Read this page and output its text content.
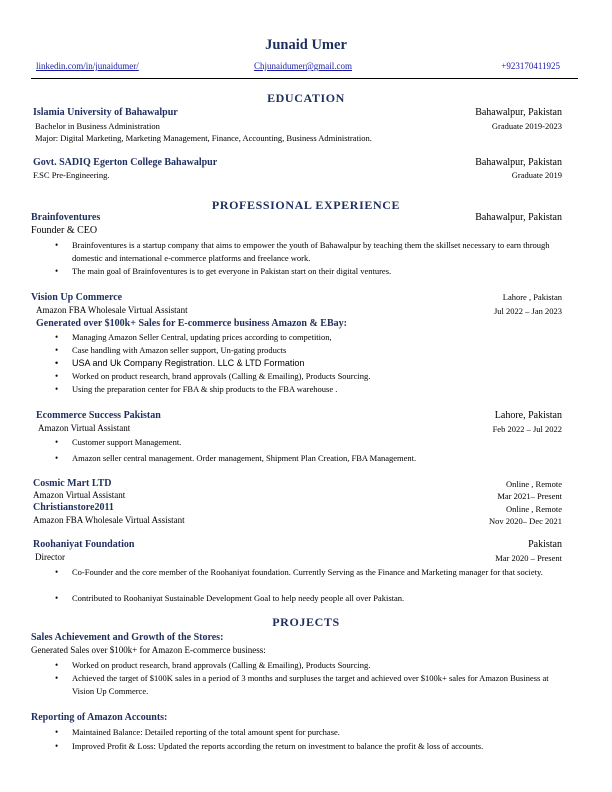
Junaid Umer
linkedin.com/in/junaidumer/	Chjunaidumer@gmail.com	+923170411925
EDUCATION
Islamia University of Bahawalpur	Bahawalpur, Pakistan
Bachelor in Business Administration	Graduate 2019-2023
Major: Digital Marketing, Marketing Management, Finance, Accounting, Business Administration.
Govt. SADIQ Egerton College Bahawalpur	Bahawalpur, Pakistan
F.SC Pre-Engineering.	Graduate 2019
PROFESSIONAL EXPERIENCE
Brainfoventures	Bahawalpur, Pakistan
Founder & CEO
• Brainfoventures is a startup company that aims to empower the youth of Bahawalpur by teaching them the skillset necessary to earn through domestic and international e-commerce platforms and freelance work.
• The main goal of Brainfoventures is to get everyone in Pakistan start on their digital ventures.
Vision Up Commerce	Lahore , Pakistan
Amazon FBA Wholesale Virtual Assistant	Jul 2022 – Jan 2023
Generated over $100k+ Sales for E-commerce business Amazon & EBay:
• Managing Amazon Seller Central, updating prices according to competition,
• Case handling with Amazon seller support, Un-gating products
• USA and Uk Company Registration. LLC & LTD Formation
• Worked on product research, brand approvals (Calling & Emailing), Products Sourcing.
• Using the preparation center for FBA & ship products to the FBA warehouse .
Ecommerce Success Pakistan	Lahore, Pakistan
Amazon Virtual Assistant	Feb 2022 – Jul 2022
• Customer support Management.
• Amazon seller central management. Order management, Shipment Plan Creation, FBA Management.
Cosmic Mart LTD	Online , Remote
Amazon Virtual Assistant	Mar 2021– Present
Christianstore2011	Online , Remote
Amazon FBA Wholesale Virtual Assistant	Nov 2020– Dec 2021
Roohaniyat Foundation	Pakistan
Director	Mar 2020 – Present
• Co-Founder and the core member of the Roohaniyat foundation. Currently Serving as the Finance and Marketing manager for that society.
• Contributed to Roohaniyat Sustainable Development Goal to help needy people all over Pakistan.
PROJECTS
Sales Achievement and Growth of the Stores:
Generated Sales over $100k+ for Amazon E-commerce business:
• Worked on product research, brand approvals (Calling & Emailing), Products Sourcing.
• Achieved the target of $100K sales in a period of 3 months and surpluses the target and achieved over $100k+ sales for Amazon Business at Vision Up Commerce.
Reporting of Amazon Accounts:
• Maintained Balance: Detailed reporting of the total amount spent for purchase.
• Improved Profit & Loss: Updated the reports according the return on investment to balance the profit & loss of accounts.
